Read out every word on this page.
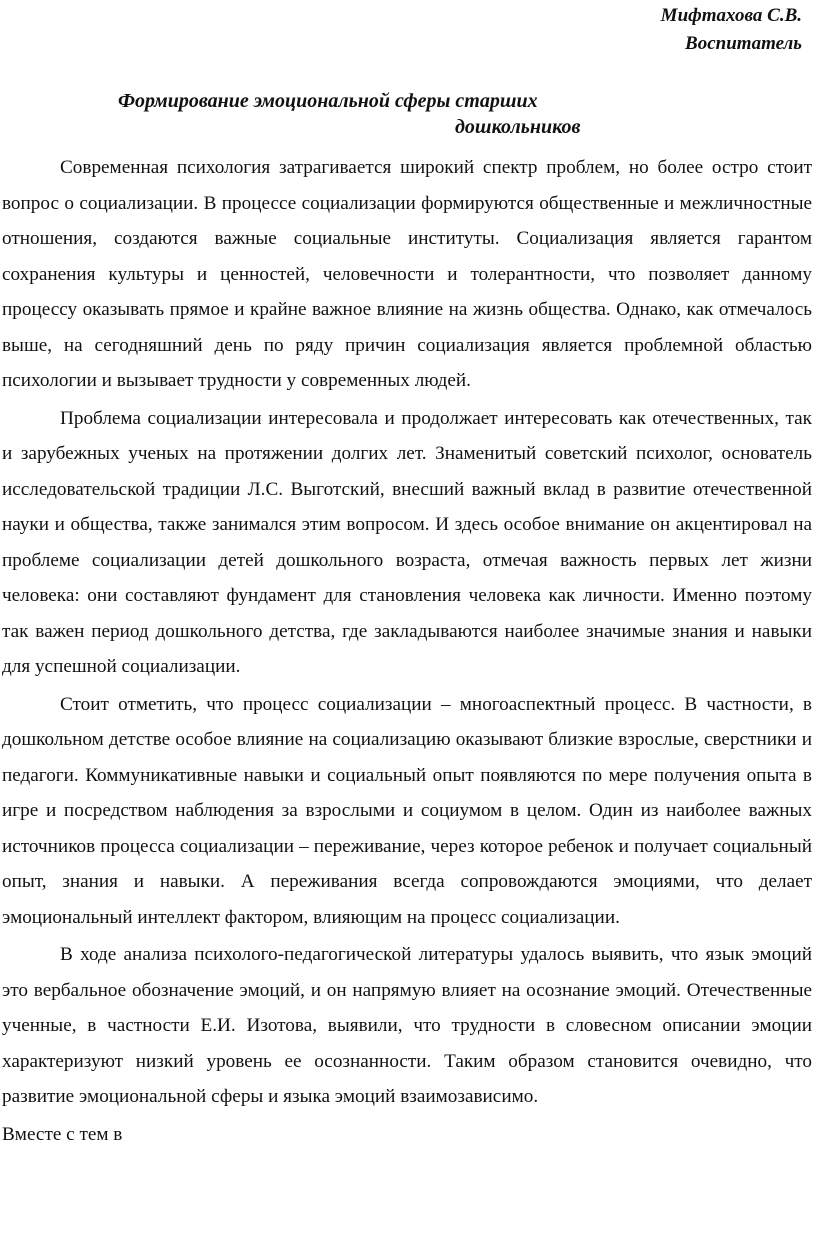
Мифтахова С.В.
Воспитатель
Формирование эмоциональной сферы старших
дошкольников

Современная психология затрагивается широкий спектр проблем, но более остро стоит вопрос о социализации. В процессе социализации формируются общественные и межличностные отношения, создаются важные социальные институты. Социализация является гарантом сохранения культуры и ценностей, человечности и толерантности, что позволяет данному процессу оказывать прямое и крайне важное влияние на жизнь общества. Однако, как отмечалось выше, на сегодняшний день по ряду причин социализация является проблемной областью психологии и вызывает трудности у современных людей.

Проблема социализации интересовала и продолжает интересовать как отечественных, так и зарубежных ученых на протяжении долгих лет. Знаменитый советский психолог, основатель исследовательской традиции Л.С. Выготский, внесший важный вклад в развитие отечественной науки и общества, также занимался этим вопросом. И здесь особое внимание он акцентировал на проблеме социализации детей дошкольного возраста, отмечая важность первых лет жизни человека: они составляют фундамент для становления человека как личности. Именно поэтому так важен период дошкольного детства, где закладываются наиболее значимые знания и навыки для успешной социализации.

Стоит отметить, что процесс социализации – многоаспектный процесс. В частности, в дошкольном детстве особое влияние на социализацию оказывают близкие взрослые, сверстники и педагоги. Коммуникативные навыки и социальный опыт появляются по мере получения опыта в игре и посредством наблюдения за взрослыми и социумом в целом. Один из наиболее важных источников процесса социализации – переживание, через которое ребенок и получает социальный опыт, знания и навыки. А переживания всегда сопровождаются эмоциями, что делает эмоциональный интеллект фактором, влияющим на процесс социализации.

В ходе анализа психолого-педагогической литературы удалось выявить, что язык эмоций это вербальное обозначение эмоций, и он напрямую влияет на осознание эмоций. Отечественные ученные, в частности Е.И. Изотова, выявили, что трудности в словесном описании эмоции характеризуют низкий уровень ее осознанности. Таким образом становится очевидно, что развитие эмоциональной сферы и языка эмоций взаимозависимо.

Вместе с тем в
